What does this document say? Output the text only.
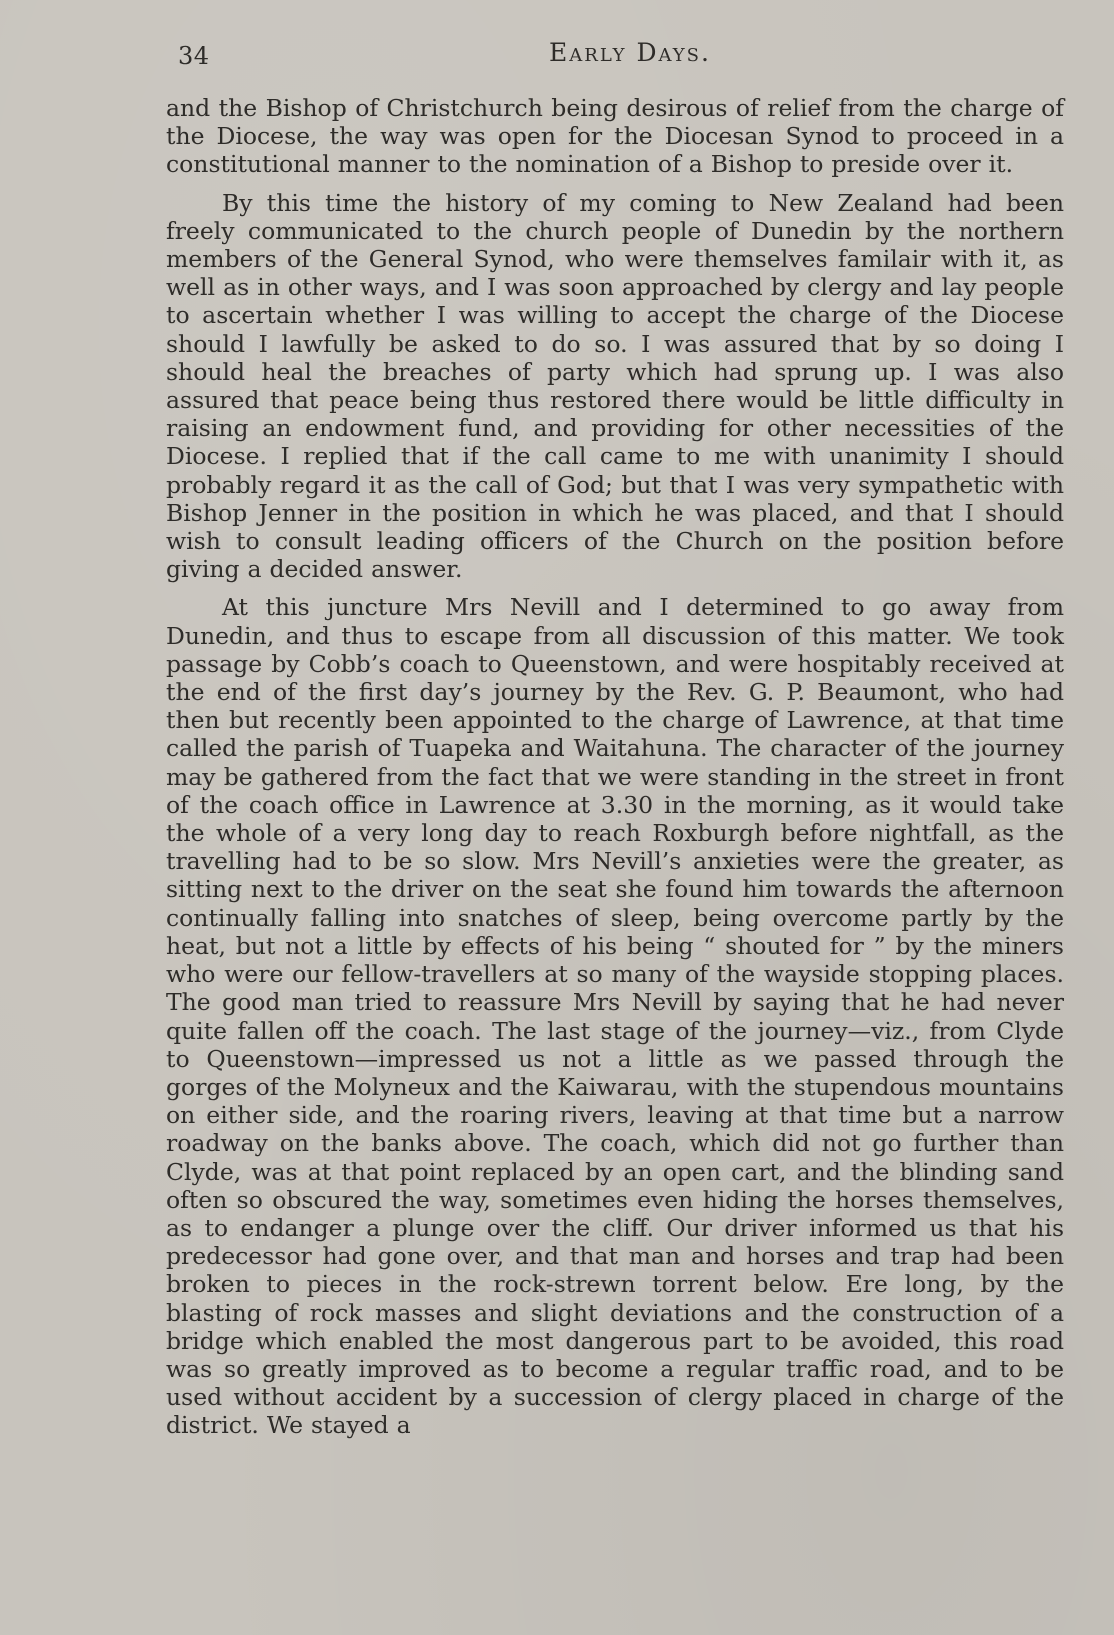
34	Early Days.

and the Bishop of Christchurch being desirous of relief from the charge of the Diocese, the way was open for the Diocesan Synod to proceed in a constitutional manner to the nomination of a Bishop to preside over it.

By this time the history of my coming to New Zealand had been freely communicated to the church people of Dunedin by the northern members of the General Synod, who were themselves familair with it, as well as in other ways, and I was soon approached by clergy and lay people to ascertain whether I was willing to accept the charge of the Diocese should I lawfully be asked to do so. I was assured that by so doing I should heal the breaches of party which had sprung up. I was also assured that peace being thus restored there would be little difficulty in raising an endowment fund, and providing for other necessities of the Diocese. I replied that if the call came to me with unanimity I should probably regard it as the call of God; but that I was very sympathetic with Bishop Jenner in the position in which he was placed, and that I should wish to consult leading officers of the Church on the position before giving a decided answer.

At this juncture Mrs Nevill and I determined to go away from Dunedin, and thus to escape from all discussion of this matter. We took passage by Cobb’s coach to Queenstown, and were hospitably received at the end of the first day’s journey by the Rev. G. P. Beaumont, who had then but recently been appointed to the charge of Lawrence, at that time called the parish of Tuapeka and Waitahuna. The character of the journey may be gathered from the fact that we were standing in the street in front of the coach office in Lawrence at 3.30 in the morning, as it would take the whole of a very long day to reach Roxburgh before nightfall, as the travelling had to be so slow. Mrs Nevill’s anxieties were the greater, as sitting next to the driver on the seat she found him towards the afternoon continually falling into snatches of sleep, being overcome partly by the heat, but not a little by effects of his being “ shouted for ” by the miners who were our fellow-travellers at so many of the wayside stopping places. The good man tried to reassure Mrs Nevill by saying that he had never quite fallen off the coach. The last stage of the journey—viz., from Clyde to Queenstown—impressed us not a little as we passed through the gorges of the Molyneux and the Kaiwarau, with the stupendous mountains on either side, and the roaring rivers, leaving at that time but a narrow roadway on the banks above. The coach, which did not go further than Clyde, was at that point replaced by an open cart, and the blinding sand often so obscured the way, sometimes even hiding the horses themselves, as to endanger a plunge over the cliff. Our driver informed us that his predecessor had gone over, and that man and horses and trap had been broken to pieces in the rock-strewn torrent below. Ere long, by the blasting of rock masses and slight deviations and the construction of a bridge which enabled the most dangerous part to be avoided, this road was so greatly improved as to become a regular traffic road, and to be used without accident by a succession of clergy placed in charge of the district. We stayed a
